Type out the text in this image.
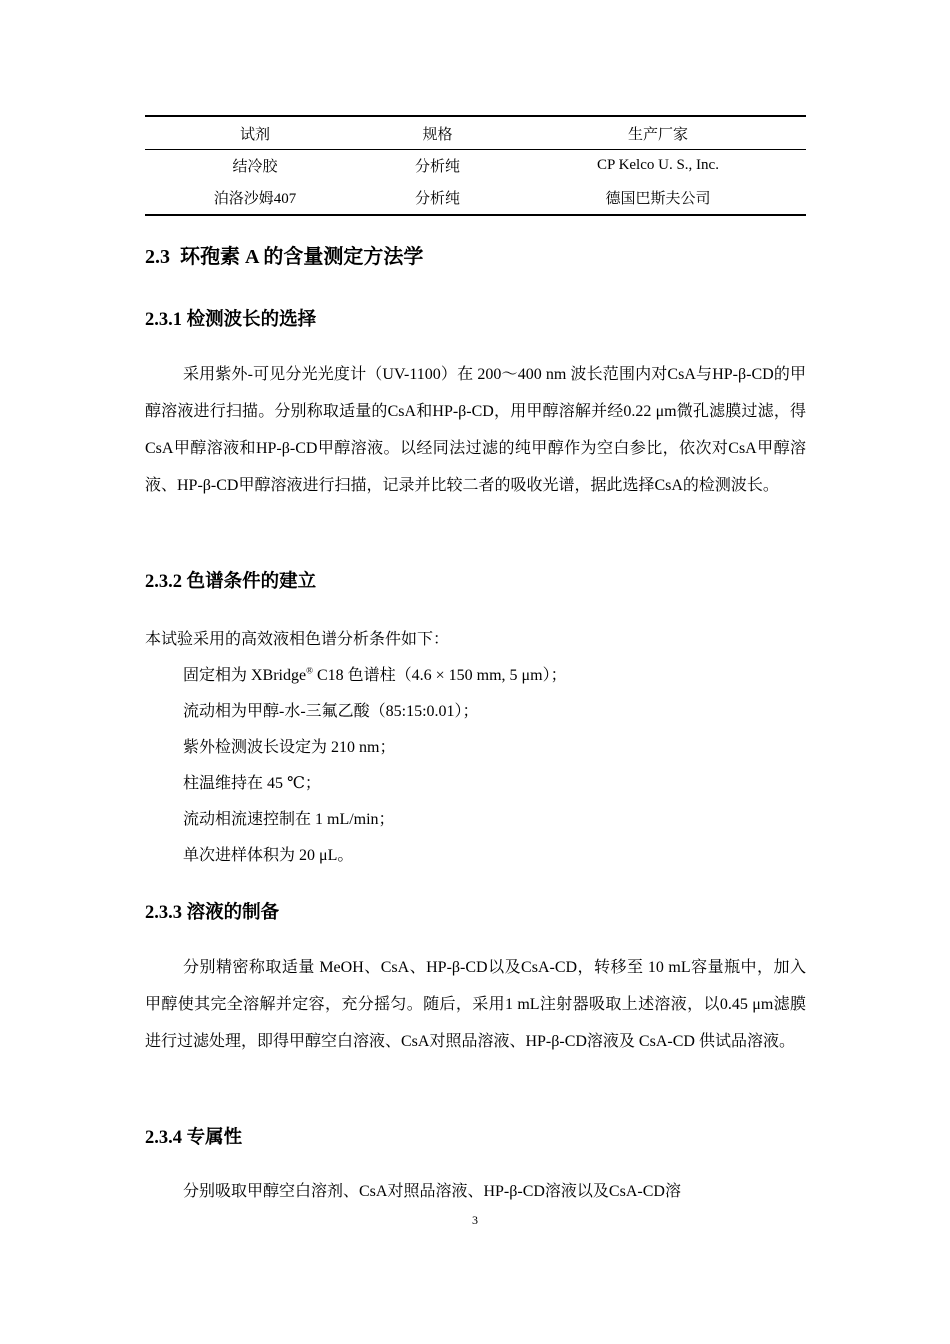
试剂	规格	生产厂家
结冷胶	分析纯	CP Kelco U. S., Inc.
泊洛沙姆407	分析纯	德国巴斯夫公司
2.3 环孢素 A 的含量测定方法学
2.3.1 检测波长的选择
采用紫外-可见分光光度计（UV-1100）在 200～400 nm 波长范围内对CsA与HP-β-CD的甲醇溶液进行扫描。分别称取适量的CsA和HP-β-CD，用甲醇溶解并经0.22 μm微孔滤膜过滤，得CsA甲醇溶液和HP-β-CD甲醇溶液。以经同法过滤的纯甲醇作为空白参比，依次对CsA甲醇溶液、HP-β-CD甲醇溶液进行扫描，记录并比较二者的吸收光谱，据此选择CsA的检测波长。
2.3.2 色谱条件的建立
本试验采用的高效液相色谱分析条件如下：
固定相为 XBridge® C18 色谱柱（4.6 × 150 mm, 5 μm）；
流动相为甲醇-水-三氟乙酸（85:15:0.01）；
紫外检测波长设定为 210 nm；
柱温维持在 45 ℃；
流动相流速控制在 1 mL/min；
单次进样体积为 20 μL。
2.3.3 溶液的制备
分别精密称取适量 MeOH、CsA、HP-β-CD以及CsA-CD，转移至 10 mL容量瓶中，加入甲醇使其完全溶解并定容，充分摇匀。随后，采用1 mL注射器吸取上述溶液，以0.45 μm滤膜进行过滤处理，即得甲醇空白溶液、CsA对照品溶液、HP-β-CD溶液及 CsA-CD 供试品溶液。
2.3.4 专属性
分别吸取甲醇空白溶剂、CsA对照品溶液、HP-β-CD溶液以及CsA-CD溶
3
